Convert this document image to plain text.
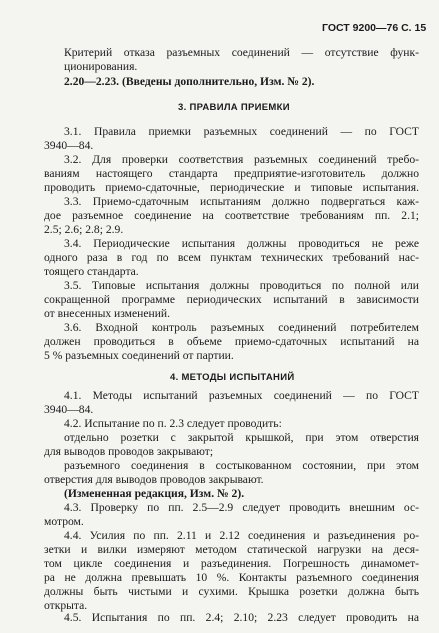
ГОСТ 9200—76 С. 15
Критерий отказа разъемных соединений — отсутствие функ-
ционирования.
2.20—2.23. (Введены дополнительно, Изм. № 2).
3. ПРАВИЛА ПРИЕМКИ
3.1. Правила приемки разъемных соединений — по ГОСТ
3940—84.
3.2. Для проверки соответствия разъемных соединений требо-
ваниям настоящего стандарта предприятие-изготовитель должно
проводить приемо-сдаточные, периодические и типовые испытания.
3.3. Приемо-сдаточным испытаниям должно подвергаться каж-
дое разъемное соединение на соответствие требованиям пп. 2.1;
2.5; 2.6; 2.8; 2.9.
3.4. Периодические испытания должны проводиться не реже
одного раза в год по всем пунктам технических требований нас-
тоящего стандарта.
3.5. Типовые испытания должны проводиться по полной или
сокращенной программе периодических испытаний в зависимости
от внесенных изменений.
3.6. Входной контроль разъемных соединений потребителем
должен проводиться в объеме приемо-сдаточных испытаний на
5 % разъемных соединений от партии.
4. МЕТОДЫ ИСПЫТАНИЙ
4.1. Методы испытаний разъемных соединений — по ГОСТ
3940—84.
4.2. Испытание по п. 2.3 следует проводить:
отдельно розетки с закрытой крышкой, при этом отверстия
для выводов проводов закрывают;
разъемного соединения в состыкованном состоянии, при этом
отверстия для выводов проводов закрывают.
(Измененная редакция, Изм. № 2).
4.3. Проверку по пп. 2.5—2.9 следует проводить внешним ос-
мотром.
4.4. Усилия по пп. 2.11 и 2.12 соединения и разъединения ро-
зетки и вилки измеряют методом статической нагрузки на деся-
том цикле соединения и разъединения. Погрешность динамомет-
ра не должна превышать 10 %. Контакты разъемного соединения
должны быть чистыми и сухими. Крышка розетки должна быть
открыта.
4.5. Испытания по пп. 2.4; 2.10; 2.23 следует проводить на
